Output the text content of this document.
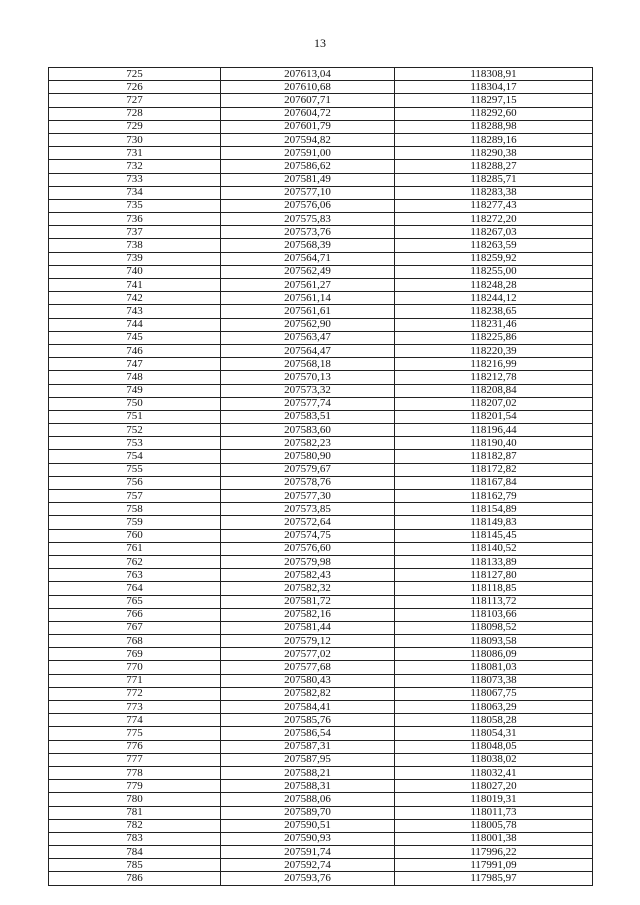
13
725	207613,04	118308,91
726	207610,68	118304,17
727	207607,71	118297,15
728	207604,72	118292,60
729	207601,79	118288,98
730	207594,82	118289,16
731	207591,00	118290,38
732	207586,62	118288,27
733	207581,49	118285,71
734	207577,10	118283,38
735	207576,06	118277,43
736	207575,83	118272,20
737	207573,76	118267,03
738	207568,39	118263,59
739	207564,71	118259,92
740	207562,49	118255,00
741	207561,27	118248,28
742	207561,14	118244,12
743	207561,61	118238,65
744	207562,90	118231,46
745	207563,47	118225,86
746	207564,47	118220,39
747	207568,18	118216,99
748	207570,13	118212,78
749	207573,32	118208,84
750	207577,74	118207,02
751	207583,51	118201,54
752	207583,60	118196,44
753	207582,23	118190,40
754	207580,90	118182,87
755	207579,67	118172,82
756	207578,76	118167,84
757	207577,30	118162,79
758	207573,85	118154,89
759	207572,64	118149,83
760	207574,75	118145,45
761	207576,60	118140,52
762	207579,98	118133,89
763	207582,43	118127,80
764	207582,32	118118,85
765	207581,72	118113,72
766	207582,16	118103,66
767	207581,44	118098,52
768	207579,12	118093,58
769	207577,02	118086,09
770	207577,68	118081,03
771	207580,43	118073,38
772	207582,82	118067,75
773	207584,41	118063,29
774	207585,76	118058,28
775	207586,54	118054,31
776	207587,31	118048,05
777	207587,95	118038,02
778	207588,21	118032,41
779	207588,31	118027,20
780	207588,06	118019,31
781	207589,70	118011,73
782	207590,51	118005,78
783	207590,93	118001,38
784	207591,74	117996,22
785	207592,74	117991,09
786	207593,76	117985,97
